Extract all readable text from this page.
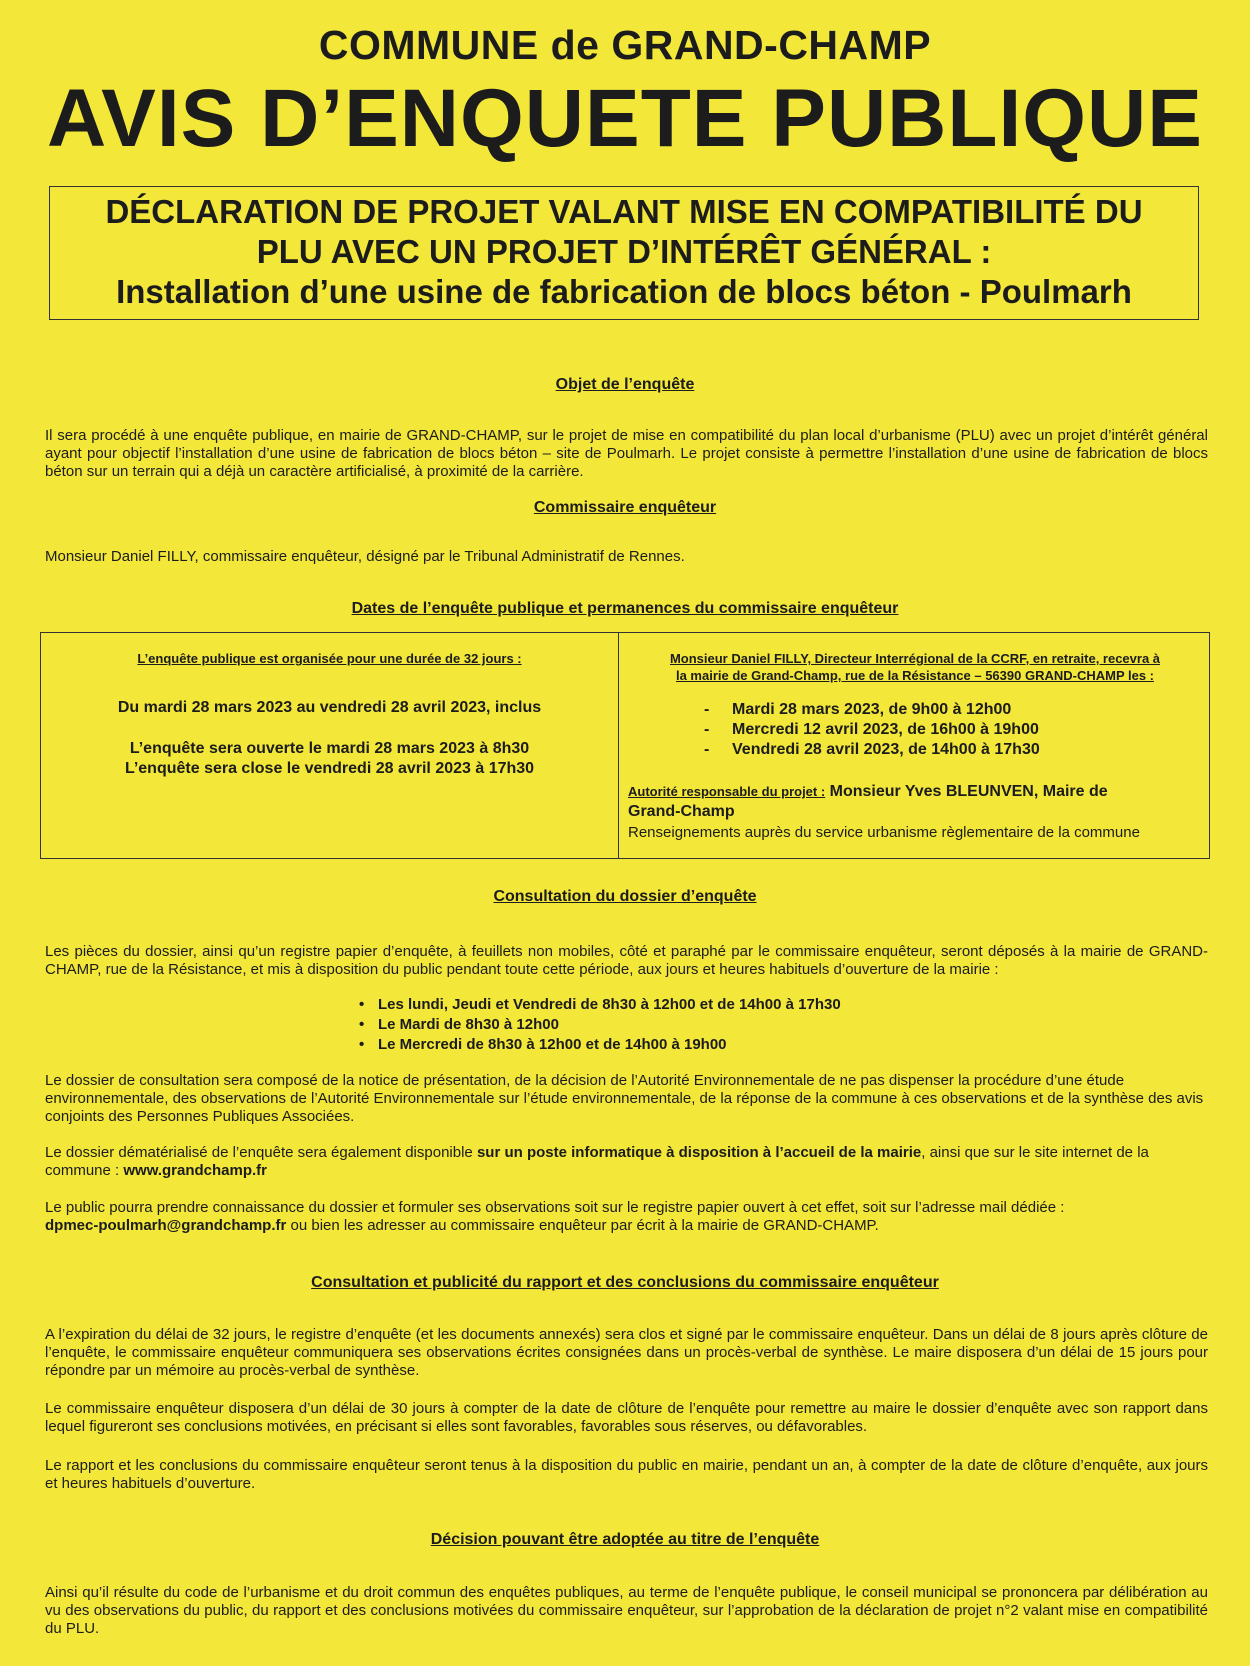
COMMUNE de GRAND-CHAMP
AVIS D’ENQUETE PUBLIQUE
DÉCLARATION DE PROJET VALANT MISE EN COMPATIBILITÉ DU
PLU AVEC UN PROJET D’INTÉRÊT GÉNÉRAL :
Installation d’une usine de fabrication de blocs béton - Poulmarh
Objet de l’enquête
Il sera procédé à une enquête publique, en mairie de GRAND-CHAMP, sur le projet de mise en compatibilité du plan local d’urbanisme (PLU) avec un projet d’intérêt général ayant pour objectif l’installation d’une usine de fabrication de blocs béton – site de Poulmarh. Le projet consiste à permettre l’installation d’une usine de fabrication de blocs béton sur un terrain qui a déjà un caractère artificialisé, à proximité de la carrière.
Commissaire enquêteur
Monsieur Daniel FILLY, commissaire enquêteur, désigné par le Tribunal Administratif de Rennes.
Dates de l’enquête publique et permanences du commissaire enquêteur
L’enquête publique est organisée pour une durée de 32 jours :
Du mardi 28 mars 2023 au vendredi 28 avril 2023, inclus
L’enquête sera ouverte le mardi 28 mars 2023 à 8h30
L’enquête sera close le vendredi 28 avril 2023 à 17h30
Monsieur Daniel FILLY, Directeur Interrégional de la CCRF, en retraite, recevra à
la mairie de Grand-Champ, rue de la Résistance – 56390 GRAND-CHAMP les :
- Mardi 28 mars 2023, de 9h00 à 12h00
- Mercredi 12 avril 2023, de 16h00 à 19h00
- Vendredi 28 avril 2023, de 14h00 à 17h30
Autorité responsable du projet : Monsieur Yves BLEUNVEN, Maire de
Grand-Champ
Renseignements auprès du service urbanisme règlementaire de la commune
Consultation du dossier d’enquête
Les pièces du dossier, ainsi qu’un registre papier d’enquête, à feuillets non mobiles, côté et paraphé par le commissaire enquêteur, seront déposés à la mairie de GRAND-CHAMP, rue de la Résistance, et mis à disposition du public pendant toute cette période, aux jours et heures habituels d’ouverture de la mairie :
• Les lundi, Jeudi et Vendredi de 8h30 à 12h00 et de 14h00 à 17h30
• Le Mardi de 8h30 à 12h00
• Le Mercredi de 8h30 à 12h00 et de 14h00 à 19h00
Le dossier de consultation sera composé de la notice de présentation, de la décision de l’Autorité Environnementale de ne pas dispenser la procédure d’une étude environnementale, des observations de l’Autorité Environnementale sur l’étude environnementale, de la réponse de la commune à ces observations et de la synthèse des avis conjoints des Personnes Publiques Associées.
Le dossier dématérialisé de l’enquête sera également disponible sur un poste informatique à disposition à l’accueil de la mairie, ainsi que sur le site internet de la commune : www.grandchamp.fr
Le public pourra prendre connaissance du dossier et formuler ses observations soit sur le registre papier ouvert à cet effet, soit sur l’adresse mail dédiée :
dpmec-poulmarh@grandchamp.fr ou bien les adresser au commissaire enquêteur par écrit à la mairie de GRAND-CHAMP.
Consultation et publicité du rapport et des conclusions du commissaire enquêteur
A l’expiration du délai de 32 jours, le registre d’enquête (et les documents annexés) sera clos et signé par le commissaire enquêteur. Dans un délai de 8 jours après clôture de l’enquête, le commissaire enquêteur communiquera ses observations écrites consignées dans un procès-verbal de synthèse. Le maire disposera d’un délai de 15 jours pour répondre par un mémoire au procès-verbal de synthèse.
Le commissaire enquêteur disposera d’un délai de 30 jours à compter de la date de clôture de l’enquête pour remettre au maire le dossier d’enquête avec son rapport dans lequel figureront ses conclusions motivées, en précisant si elles sont favorables, favorables sous réserves, ou défavorables.
Le rapport et les conclusions du commissaire enquêteur seront tenus à la disposition du public en mairie, pendant un an, à compter de la date de clôture d’enquête, aux jours et heures habituels d’ouverture.
Décision pouvant être adoptée au titre de l’enquête
Ainsi qu’il résulte du code de l’urbanisme et du droit commun des enquêtes publiques, au terme de l’enquête publique, le conseil municipal se prononcera par délibération au vu des observations du public, du rapport et des conclusions motivées du commissaire enquêteur, sur l’approbation de la déclaration de projet n°2 valant mise en compatibilité du PLU.
